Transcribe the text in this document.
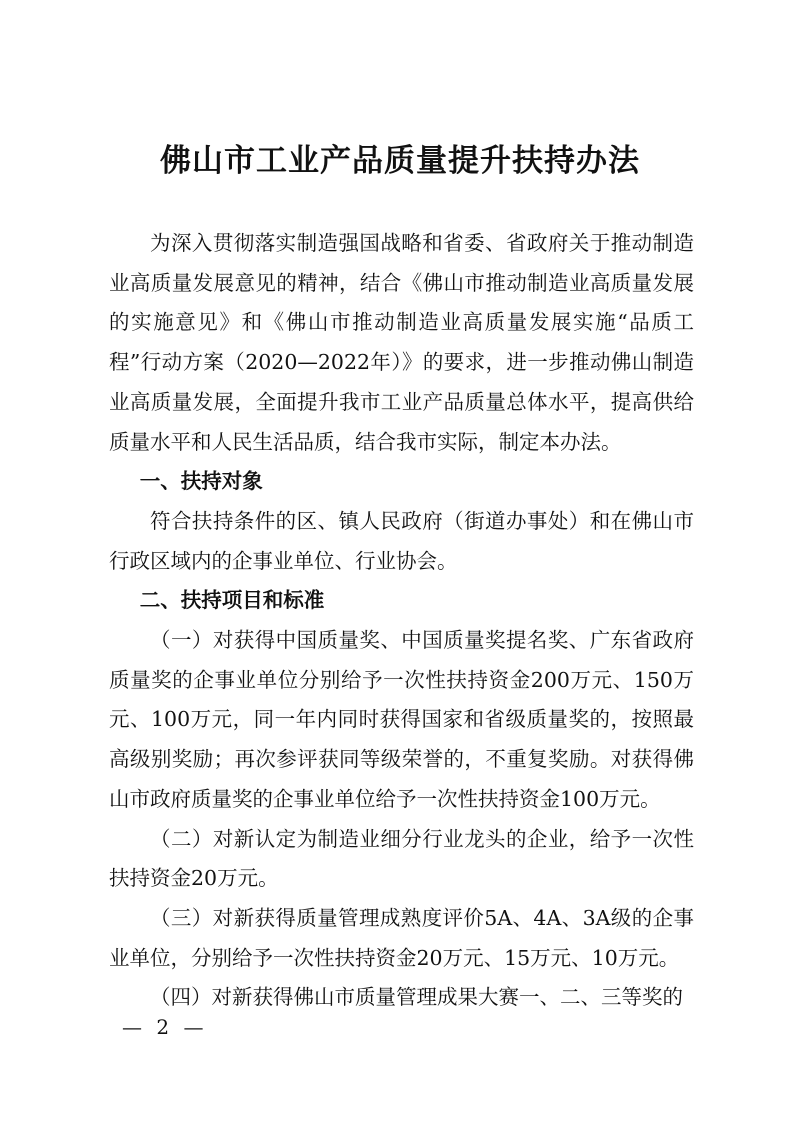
佛山市工业产品质量提升扶持办法

为深入贯彻落实制造强国战略和省委、省政府关于推动制造业高质量发展意见的精神，结合《佛山市推动制造业高质量发展的实施意见》和《佛山市推动制造业高质量发展实施“品质工程”行动方案（2020—2022年）》的要求，进一步推动佛山制造业高质量发展，全面提升我市工业产品质量总体水平，提高供给质量水平和人民生活品质，结合我市实际，制定本办法。

一、扶持对象

符合扶持条件的区、镇人民政府（街道办事处）和在佛山市行政区域内的企事业单位、行业协会。

二、扶持项目和标准

（一）对获得中国质量奖、中国质量奖提名奖、广东省政府质量奖的企事业单位分别给予一次性扶持资金200万元、150万元、100万元，同一年内同时获得国家和省级质量奖的，按照最高级别奖励；再次参评获同等级荣誉的，不重复奖励。对获得佛山市政府质量奖的企事业单位给予一次性扶持资金100万元。

（二）对新认定为制造业细分行业龙头的企业，给予一次性扶持资金20万元。

（三）对新获得质量管理成熟度评价5A、4A、3A级的企事业单位，分别给予一次性扶持资金20万元、15万元、10万元。

（四）对新获得佛山市质量管理成果大赛一、二、三等奖的

— 2 —
